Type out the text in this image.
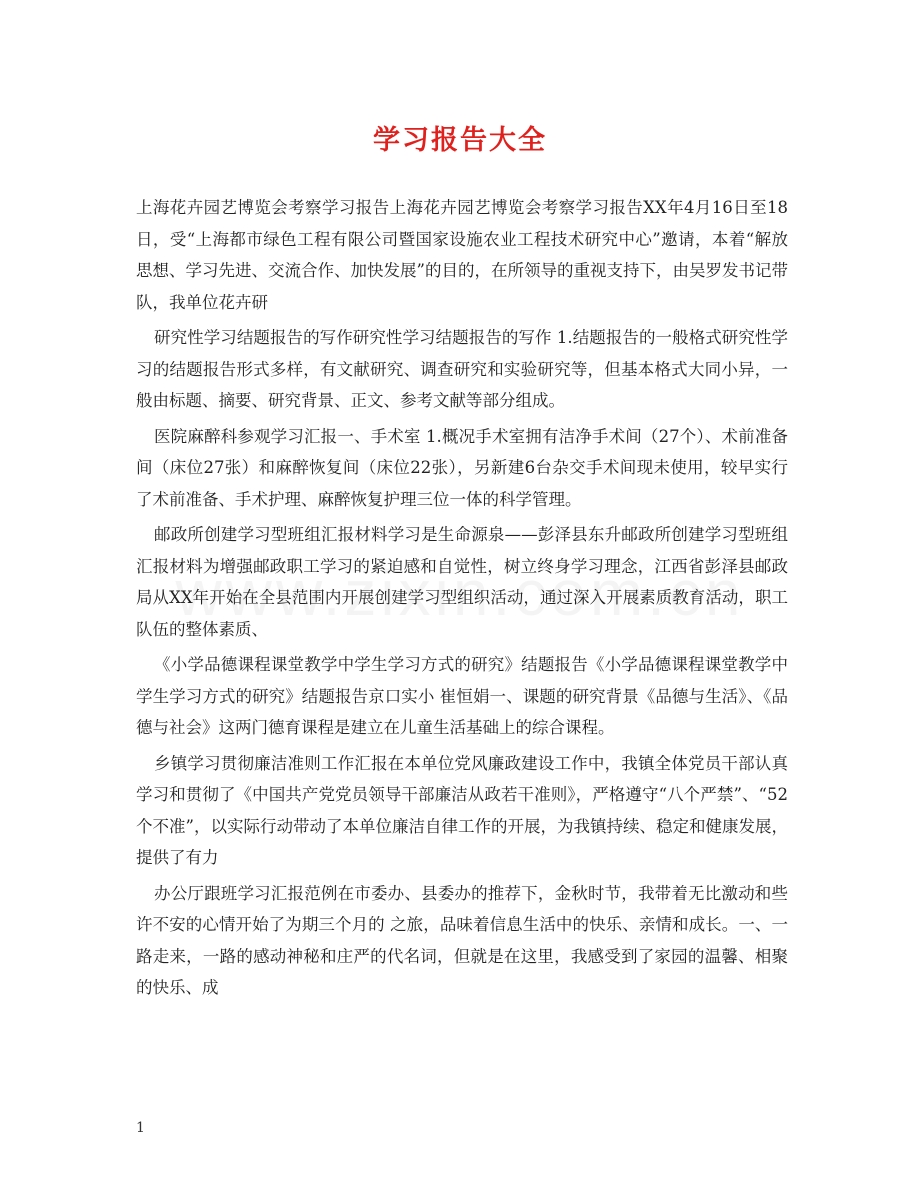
学习报告大全

上海花卉园艺博览会考察学习报告上海花卉园艺博览会考察学习报告XX年4月16日至18日，受“上海都市绿色工程有限公司暨国家设施农业工程技术研究中心”邀请，本着“解放思想、学习先进、交流合作、加快发展”的目的，在所领导的重视支持下，由吴罗发书记带队，我单位花卉研

研究性学习结题报告的写作研究性学习结题报告的写作 1.结题报告的一般格式研究性学习的结题报告形式多样，有文献研究、调查研究和实验研究等，但基本格式大同小异，一般由标题、摘要、研究背景、正文、参考文献等部分组成。

医院麻醉科参观学习汇报一、手术室 1.概况手术室拥有洁净手术间（27个）、术前准备间（床位27张）和麻醉恢复间（床位22张），另新建6台杂交手术间现未使用，较早实行了术前准备、手术护理、麻醉恢复护理三位一体的科学管理。

邮政所创建学习型班组汇报材料学习是生命源泉——彭泽县东升邮政所创建学习型班组汇报材料为增强邮政职工学习的紧迫感和自觉性，树立终身学习理念，江西省彭泽县邮政局从XX年开始在全县范围内开展创建学习型组织活动，通过深入开展素质教育活动，职工队伍的整体素质、

《小学品德课程课堂教学中学生学习方式的研究》结题报告《小学品德课程课堂教学中学生学习方式的研究》结题报告京口实小 崔恒娟一、课题的研究背景《品德与生活》、《品德与社会》这两门德育课程是建立在儿童生活基础上的综合课程。

乡镇学习贯彻廉洁准则工作汇报在本单位党风廉政建设工作中，我镇全体党员干部认真学习和贯彻了《中国共产党党员领导干部廉洁从政若干准则》，严格遵守“八个严禁”、“52个不准”，以实际行动带动了本单位廉洁自律工作的开展，为我镇持续、稳定和健康发展，提供了有力

办公厅跟班学习汇报范例在市委办、县委办的推荐下，金秋时节，我带着无比激动和些许不安的心情开始了为期三个月的 之旅，品味着信息生活中的快乐、亲情和成长。一、一路走来，一路的感动神秘和庄严的代名词，但就是在这里，我感受到了家园的温馨、相聚的快乐、成

1
